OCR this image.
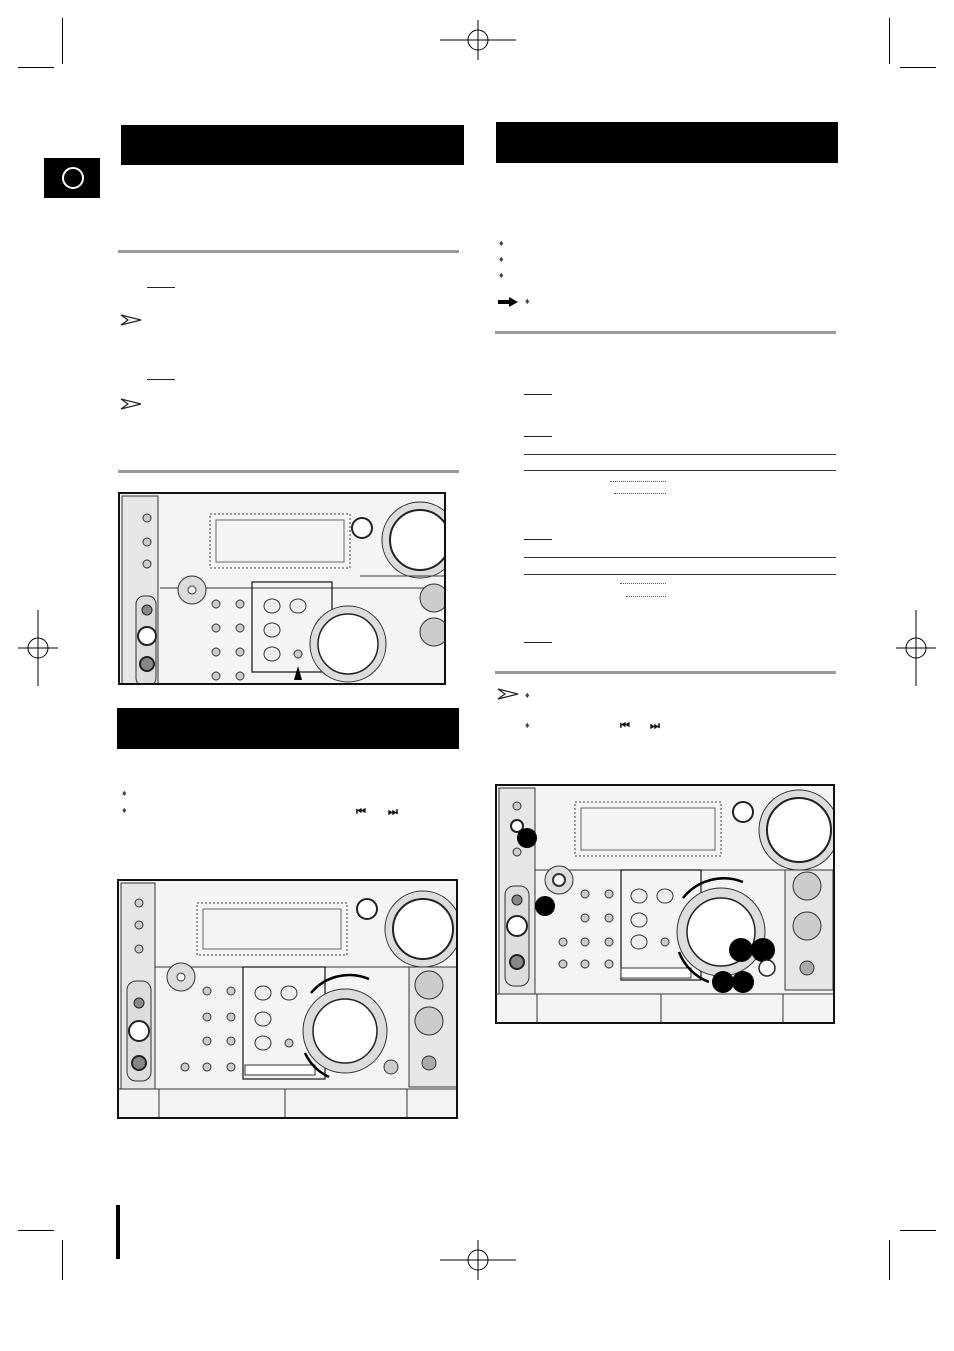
♦
♦	⏮ ⏭
♦
♦
♦
♦
♦
♦	⏮ ⏭
